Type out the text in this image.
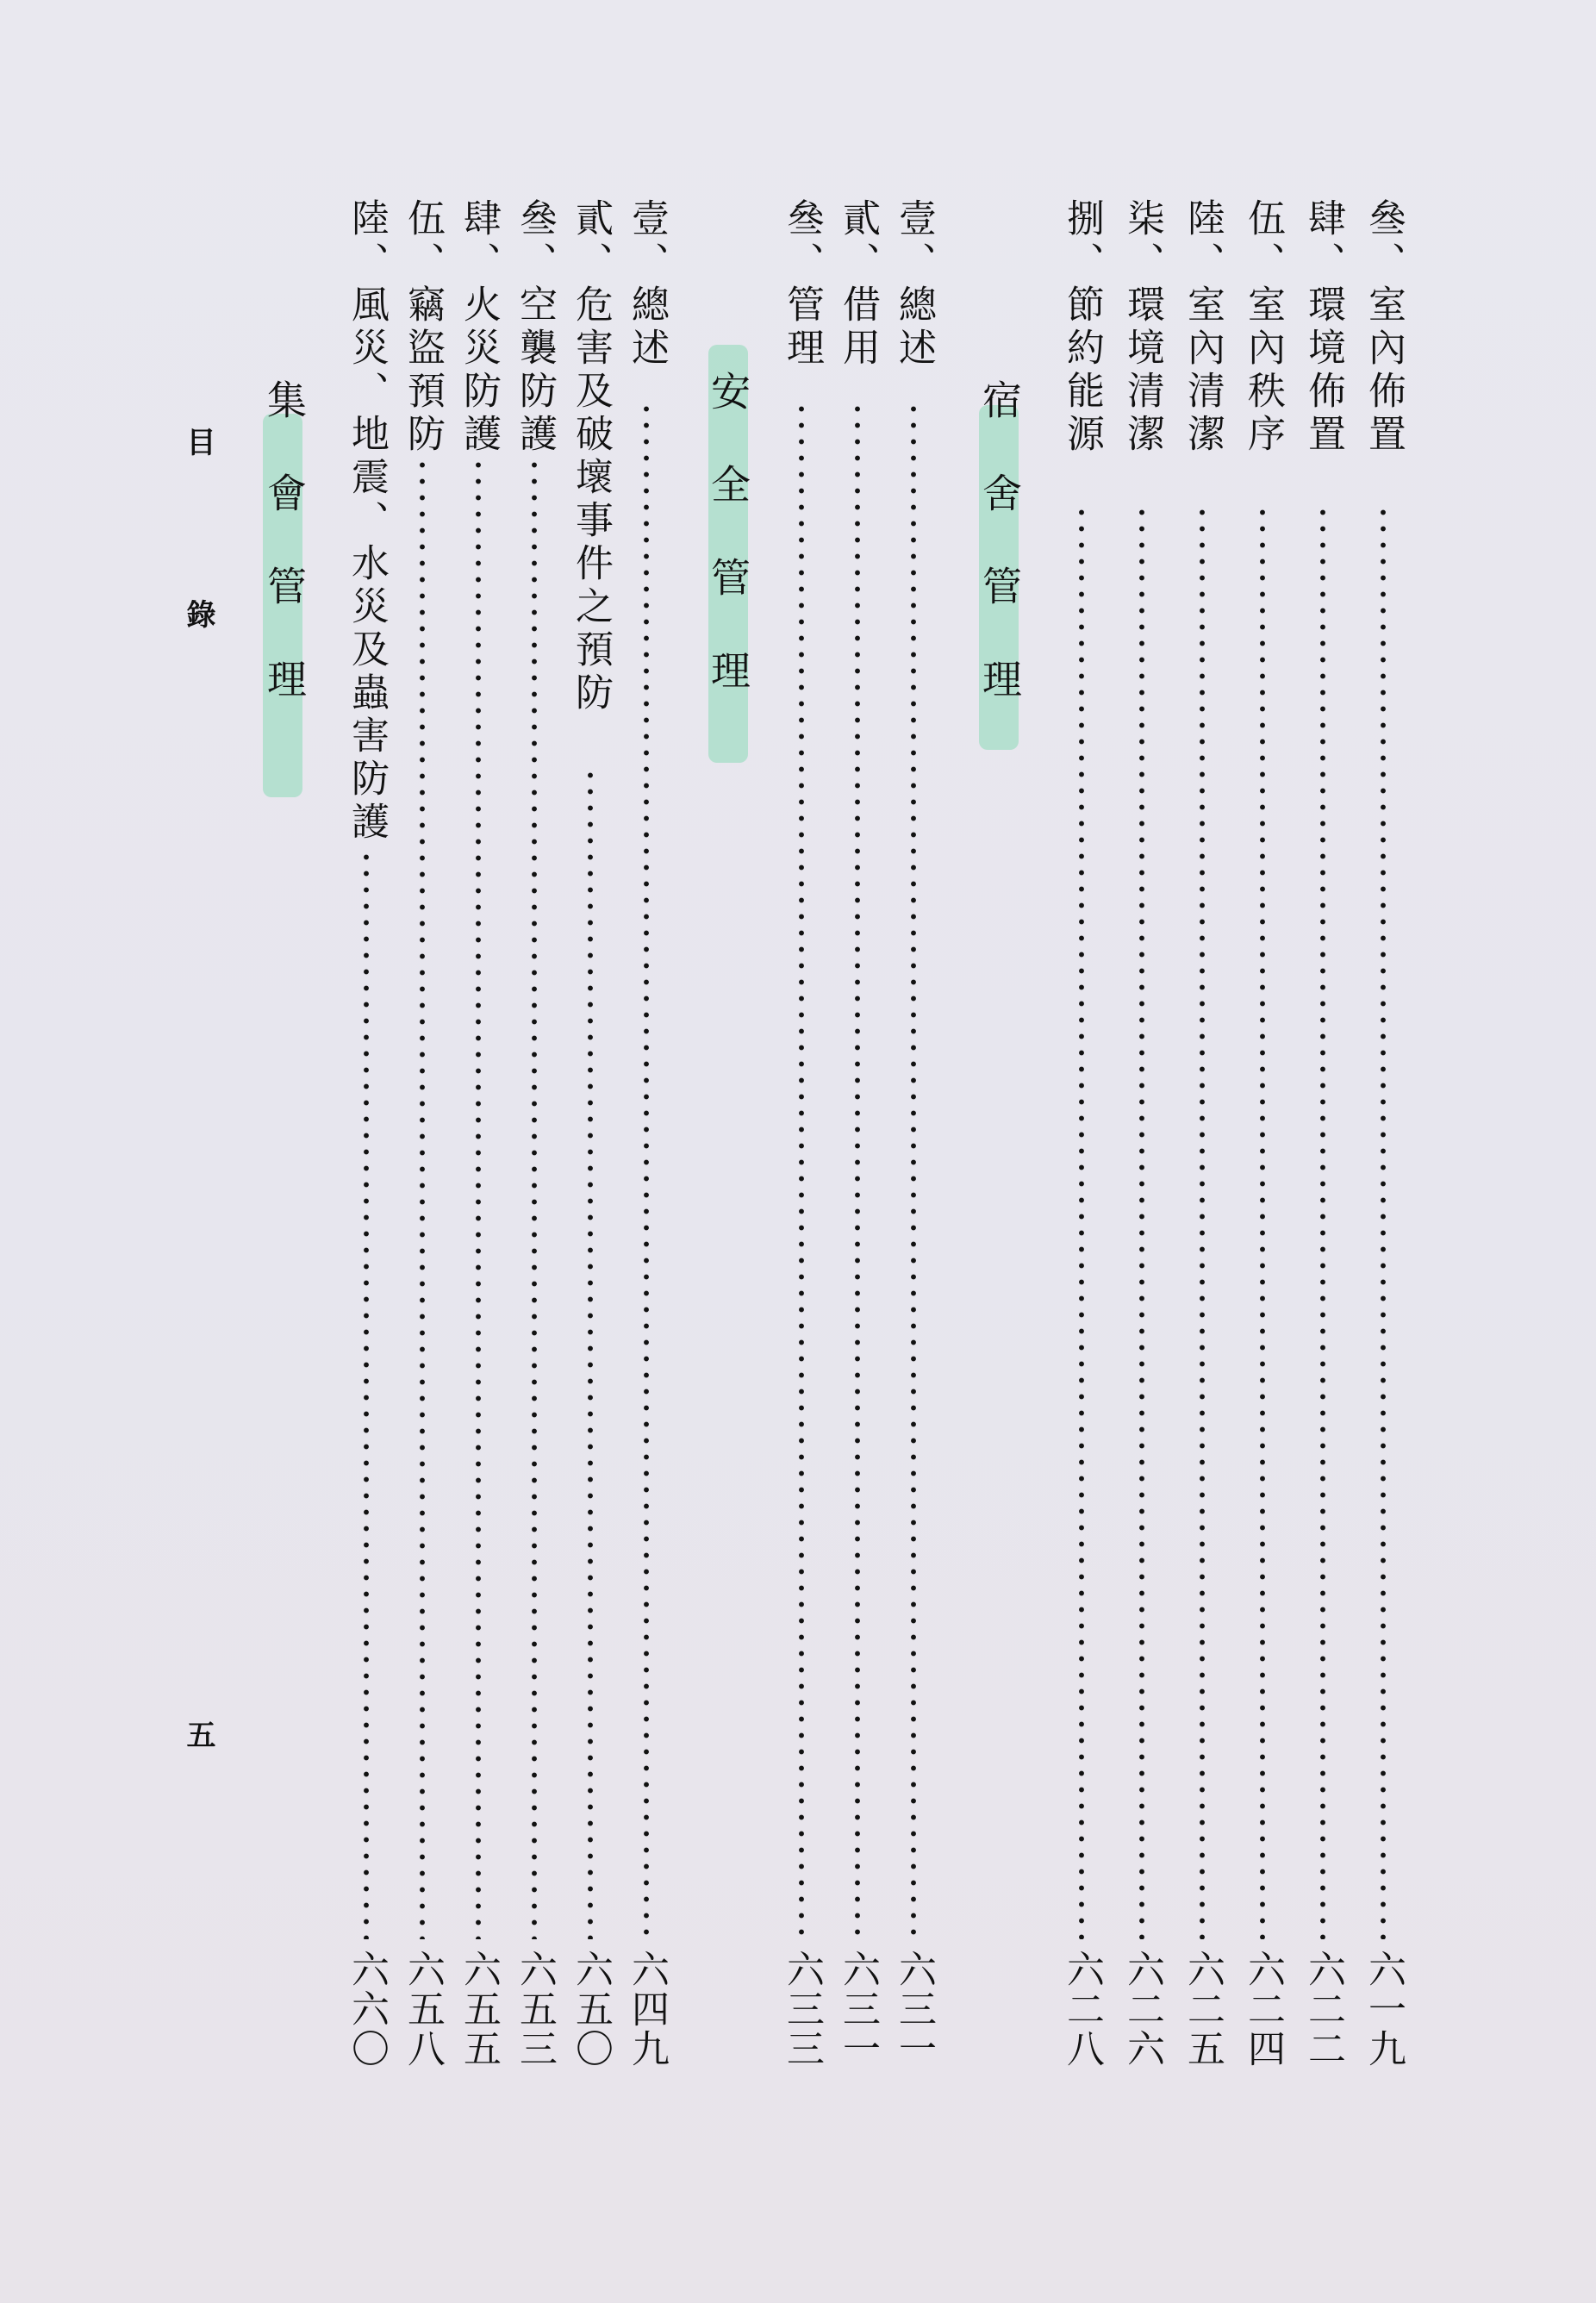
叄、室內佈置
六一九
肆、環境佈置
六二二
伍、室內秩序
六二四
陸、室內清潔
六二五
柒、環境清潔
六二六
捌、節約能源
六二八
宿舍管理
壹、總述
六三一
貳、借用
六三一
叄、管理
六三三
安全管理
壹、總述
六四九
貳、危害及破壞事件之預防
六五〇
叄、空襲防護
六五三
肆、火災防護
六五五
伍、竊盜預防
六五八
陸、風災、地震、水災及蟲害防護
六六〇
集會管理
目
錄
五
